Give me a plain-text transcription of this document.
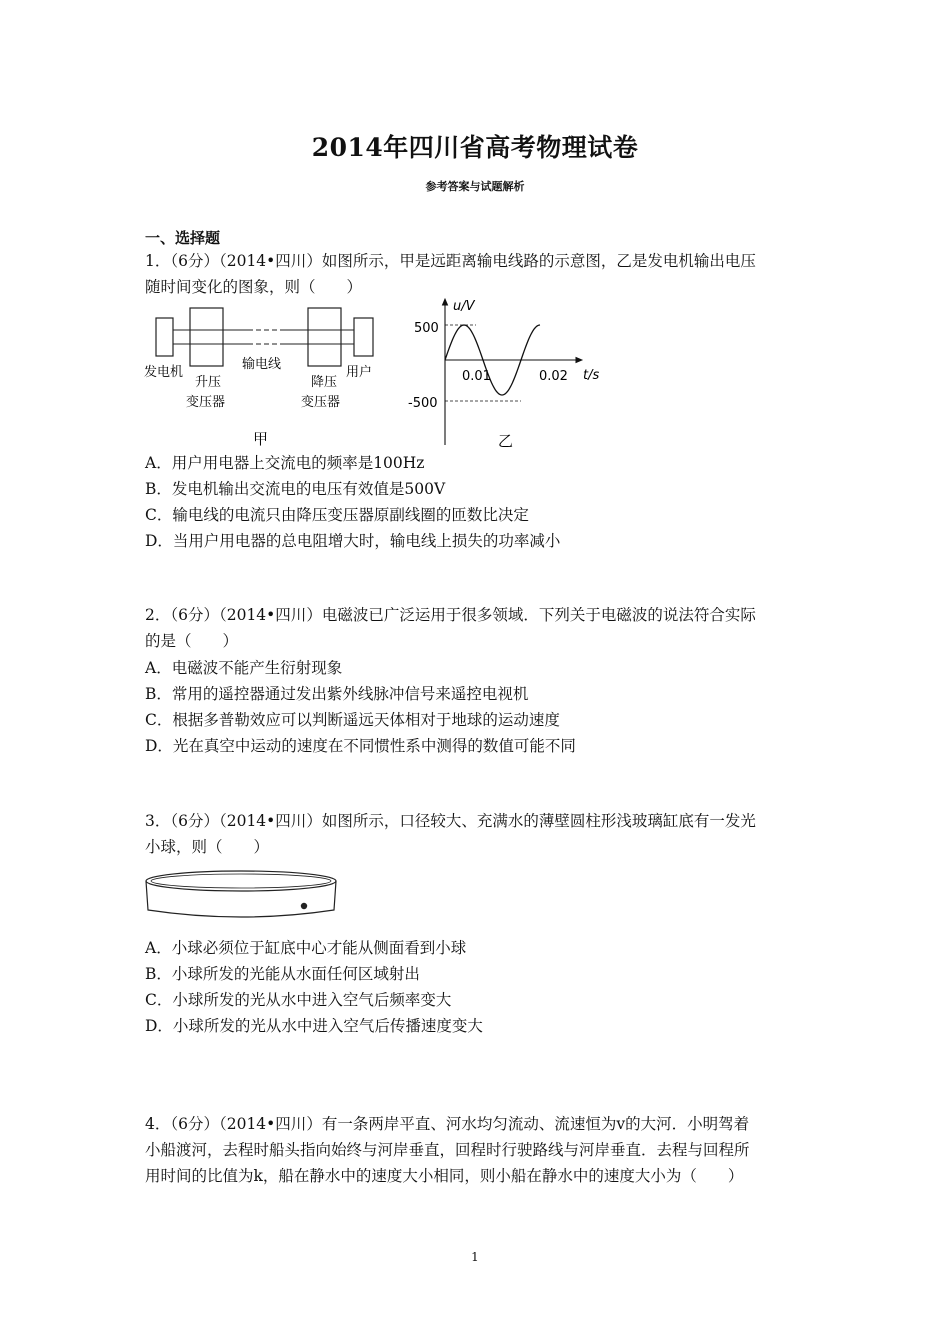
2014年四川省高考物理试卷
参考答案与试题解析
一、选择题
1．（6分）（2014•四川）如图所示，甲是远距离输电线路的示意图，乙是发电机输出电压
随时间变化的图象，则（　　）
发电机
升压
变压器
输电线
降压
变压器
用户
甲
u/V
t/s
500
-500
0.01	0.02
乙
A．用户用电器上交流电的频率是100Hz
B．发电机输出交流电的电压有效值是500V
C．输电线的电流只由降压变压器原副线圈的匝数比决定
D．当用户用电器的总电阻增大时，输电线上损失的功率减小
2．（6分）（2014•四川）电磁波已广泛运用于很多领域．下列关于电磁波的说法符合实际
的是（　　）
A．电磁波不能产生衍射现象
B．常用的遥控器通过发出紫外线脉冲信号来遥控电视机
C．根据多普勒效应可以判断遥远天体相对于地球的运动速度
D．光在真空中运动的速度在不同惯性系中测得的数值可能不同
3．（6分）（2014•四川）如图所示，口径较大、充满水的薄壁圆柱形浅玻璃缸底有一发光
小球，则（　　）
A．小球必须位于缸底中心才能从侧面看到小球
B．小球所发的光能从水面任何区域射出
C．小球所发的光从水中进入空气后频率变大
D．小球所发的光从水中进入空气后传播速度变大
4．（6分）（2014•四川）有一条两岸平直、河水均匀流动、流速恒为v的大河．小明驾着
小船渡河，去程时船头指向始终与河岸垂直，回程时行驶路线与河岸垂直．去程与回程所
用时间的比值为k，船在静水中的速度大小相同，则小船在静水中的速度大小为（　　）
1
